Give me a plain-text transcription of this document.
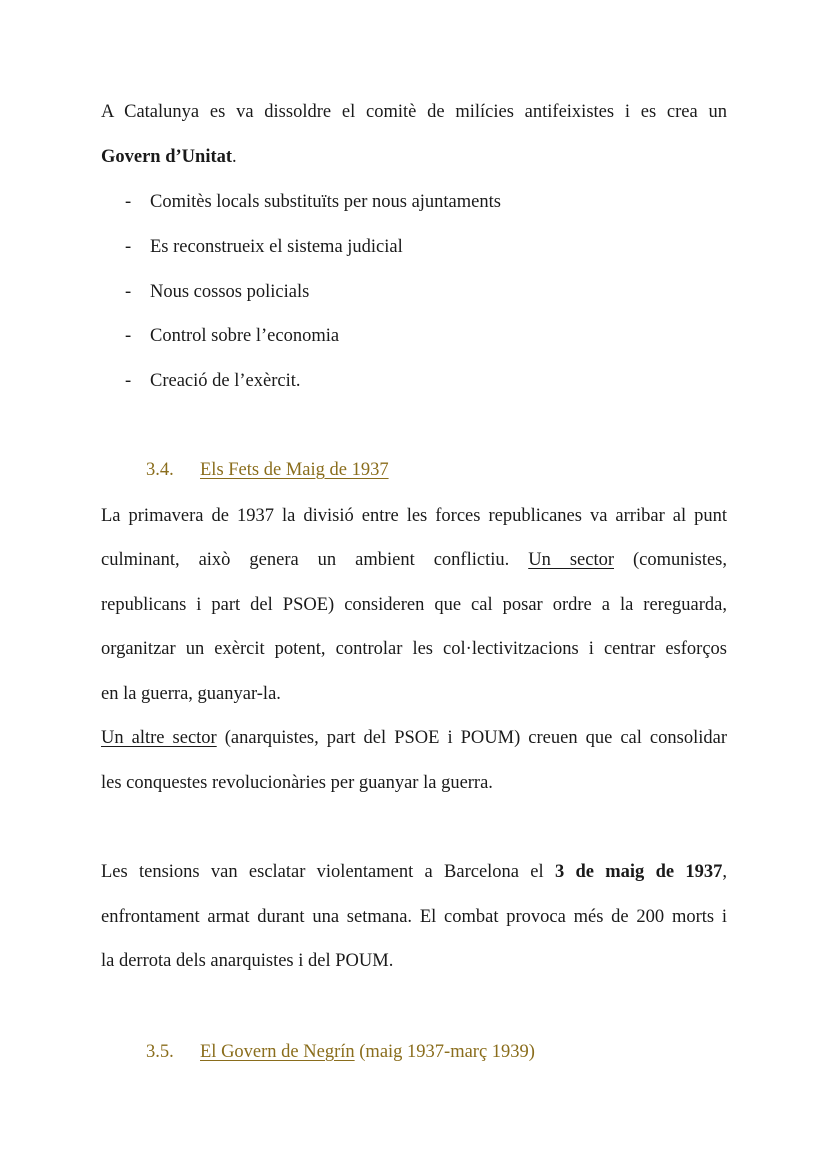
A Catalunya es va dissoldre el comitè de milícies antifeixistes i es crea un
Govern d’Unitat.
- Comitès locals substituïts per nous ajuntaments
- Es reconstrueix el sistema judicial
- Nous cossos policials
- Control sobre l’economia
- Creació de l’exèrcit.
3.4. Els Fets de Maig de 1937
La primavera de 1937 la divisió entre les forces republicanes va arribar al punt
culminant, això genera un ambient conflictiu. Un sector (comunistes,
republicans i part del PSOE) consideren que cal posar ordre a la rereguarda,
organitzar un exèrcit potent, controlar les col·lectivitzacions i centrar esforços
en la guerra, guanyar-la.
Un altre sector (anarquistes, part del PSOE i POUM) creuen que cal consolidar
les conquestes revolucionàries per guanyar la guerra.
Les tensions van esclatar violentament a Barcelona el 3 de maig de 1937,
enfrontament armat durant una setmana. El combat provoca més de 200 morts i
la derrota dels anarquistes i del POUM.
3.5. El Govern de Negrín (maig 1937-març 1939)
